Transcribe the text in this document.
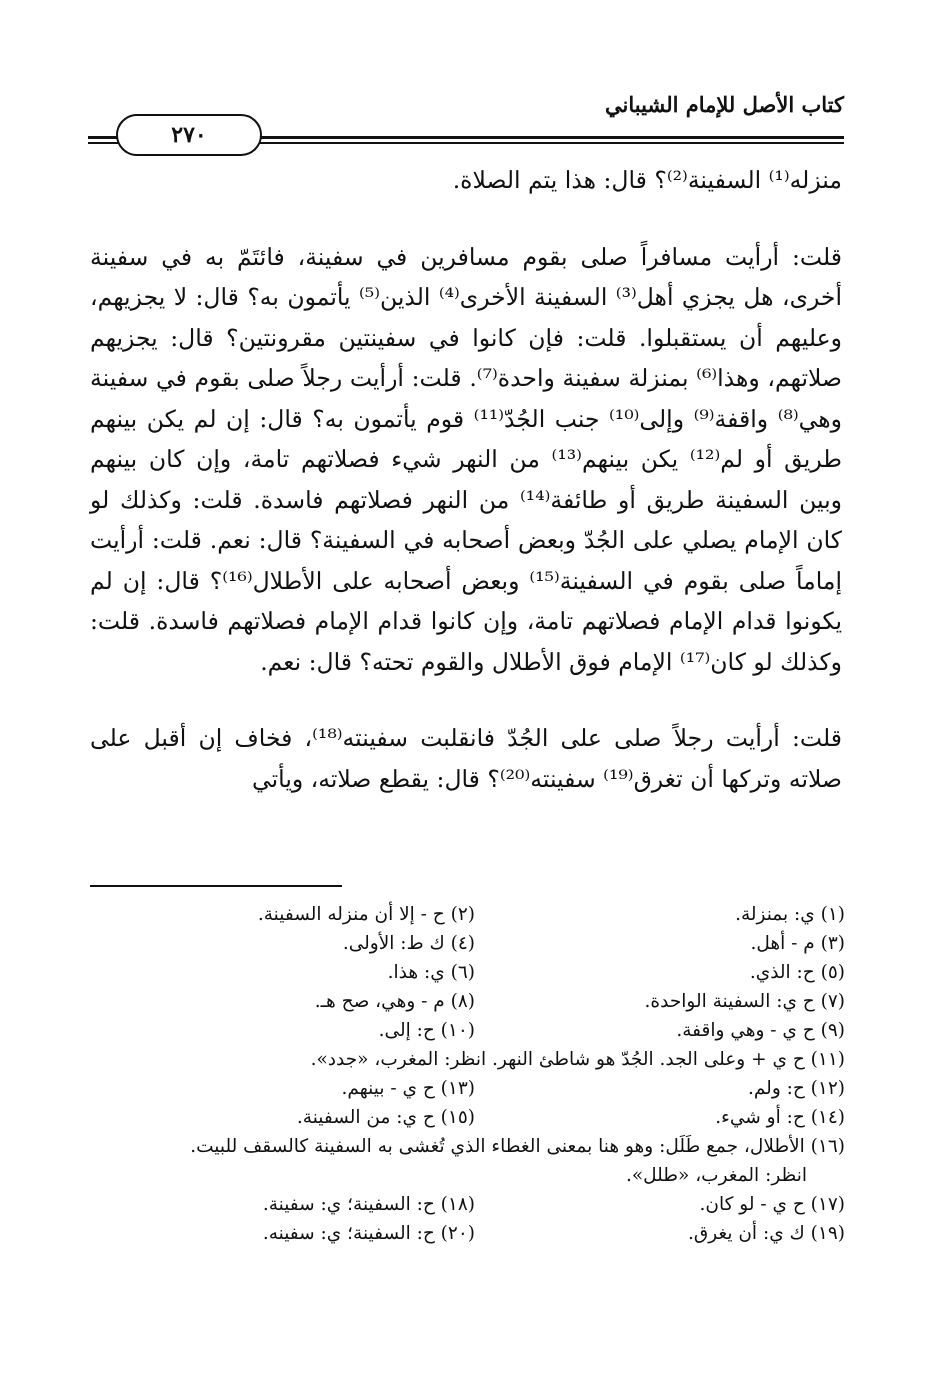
كتاب الأصل للإمام الشيباني
٢٧٠

منزله⁽¹⁾ السفينة⁽²⁾؟ قال: هذا يتم الصلاة.

قلت: أرأيت مسافراً صلى بقوم مسافرين في سفينة، فائتَمّ به في سفينة أخرى، هل يجزي أهل⁽³⁾ السفينة الأخرى⁽⁴⁾ الذين⁽⁵⁾ يأتمون به؟ قال: لا يجزيهم، وعليهم أن يستقبلوا. قلت: فإن كانوا في سفينتين مقرونتين؟ قال: يجزيهم صلاتهم، وهذا⁽⁶⁾ بمنزلة سفينة واحدة⁽⁷⁾. قلت: أرأيت رجلاً صلى بقوم في سفينة وهي⁽⁸⁾ واقفة⁽⁹⁾ وإلى⁽¹⁰⁾ جنب الجُدّ⁽¹¹⁾ قوم يأتمون به؟ قال: إن لم يكن بينهم طريق أو لم⁽¹²⁾ يكن بينهم⁽¹³⁾ من النهر شيء فصلاتهم تامة، وإن كان بينهم وبين السفينة طريق أو طائفة⁽¹⁴⁾ من النهر فصلاتهم فاسدة. قلت: وكذلك لو كان الإمام يصلي على الجُدّ وبعض أصحابه في السفينة؟ قال: نعم. قلت: أرأيت إماماً صلى بقوم في السفينة⁽¹⁵⁾ وبعض أصحابه على الأطلال⁽¹⁶⁾؟ قال: إن لم يكونوا قدام الإمام فصلاتهم تامة، وإن كانوا قدام الإمام فصلاتهم فاسدة. قلت: وكذلك لو كان⁽¹⁷⁾ الإمام فوق الأطلال والقوم تحته؟ قال: نعم.

قلت: أرأيت رجلاً صلى على الجُدّ فانقلبت سفينته⁽¹⁸⁾، فخاف إن أقبل على صلاته وتركها أن تغرق⁽¹⁹⁾ سفينته⁽²⁰⁾؟ قال: يقطع صلاته، ويأتي

(١) ي: بمنزلة.
(٢) ح - إلا أن منزله السفينة.
(٣) م - أهل.
(٤) ك ط: الأولى.
(٥) ح: الذي.
(٦) ي: هذا.
(٧) ح ي: السفينة الواحدة.
(٨) م - وهي، صح هـ.
(٩) ح ي - وهي واقفة.
(١٠) ح: إلى.
(١١) ح ي + وعلى الجد. الجُدّ هو شاطئ النهر. انظر: المغرب، «جدد».
(١٢) ح: ولم.
(١٣) ح ي - بينهم.
(١٤) ح: أو شيء.
(١٥) ح ي: من السفينة.
(١٦) الأطلال، جمع طَلَل: وهو هنا بمعنى الغطاء الذي تُغشى به السفينة كالسقف للبيت.
انظر: المغرب، «طلل».
(١٧) ح ي - لو كان.
(١٨) ح: السفينة؛ ي: سفينة.
(١٩) ك ي: أن يغرق.
(٢٠) ح: السفينة؛ ي: سفينه.
